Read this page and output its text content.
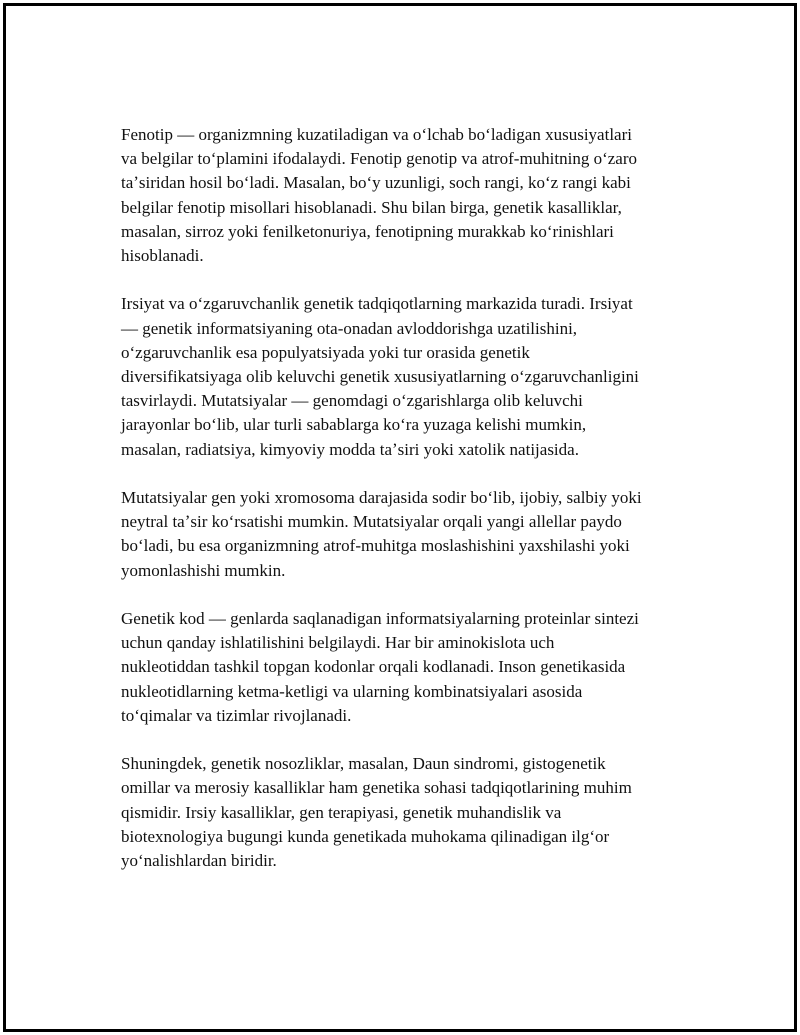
Fenotip — organizmning kuzatiladigan va oʻlchab boʻladigan xususiyatlari
va belgilar toʻplamini ifodalaydi. Fenotip genotip va atrof-muhitning oʻzaro
taʼsiridan hosil boʻladi. Masalan, boʻy uzunligi, soch rangi, koʻz rangi kabi
belgilar fenotip misollari hisoblanadi. Shu bilan birga, genetik kasalliklar,
masalan, sirroz yoki fenilketonuriya, fenotipning murakkab koʻrinishlari
hisoblanadi.

Irsiyat va oʻzgaruvchanlik genetik tadqiqotlarning markazida turadi. Irsiyat
— genetik informatsiyaning ota-onadan avloddorishga uzatilishini,
oʻzgaruvchanlik esa populyatsiyada yoki tur orasida genetik
diversifikatsiyaga olib keluvchi genetik xususiyatlarning oʻzgaruvchanligini
tasvirlaydi. Mutatsiyalar — genomdagi oʻzgarishlarga olib keluvchi
jarayonlar boʻlib, ular turli sabablarga koʻra yuzaga kelishi mumkin,
masalan, radiatsiya, kimyoviy modda taʼsiri yoki xatolik natijasida.

Mutatsiyalar gen yoki xromosoma darajasida sodir boʻlib, ijobiy, salbiy yoki
neytral taʼsir koʻrsatishi mumkin. Mutatsiyalar orqali yangi allellar paydo
boʻladi, bu esa organizmning atrof-muhitga moslashishini yaxshilashi yoki
yomonlashishi mumkin.

Genetik kod — genlarda saqlanadigan informatsiyalarning proteinlar sintezi
uchun qanday ishlatilishini belgilaydi. Har bir aminokislota uch
nukleotiddan tashkil topgan kodonlar orqali kodlanadi. Inson genetikasida
nukleotidlarning ketma-ketligi va ularning kombinatsiyalari asosida
toʻqimalar va tizimlar rivojlanadi.

Shuningdek, genetik nosozliklar, masalan, Daun sindromi, gistogenetik
omillar va merosiy kasalliklar ham genetika sohasi tadqiqotlarining muhim
qismidir. Irsiy kasalliklar, gen terapiyasi, genetik muhandislik va
biotexnologiya bugungi kunda genetikada muhokama qilinadigan ilgʻor
yoʻnalishlardan biridir.
